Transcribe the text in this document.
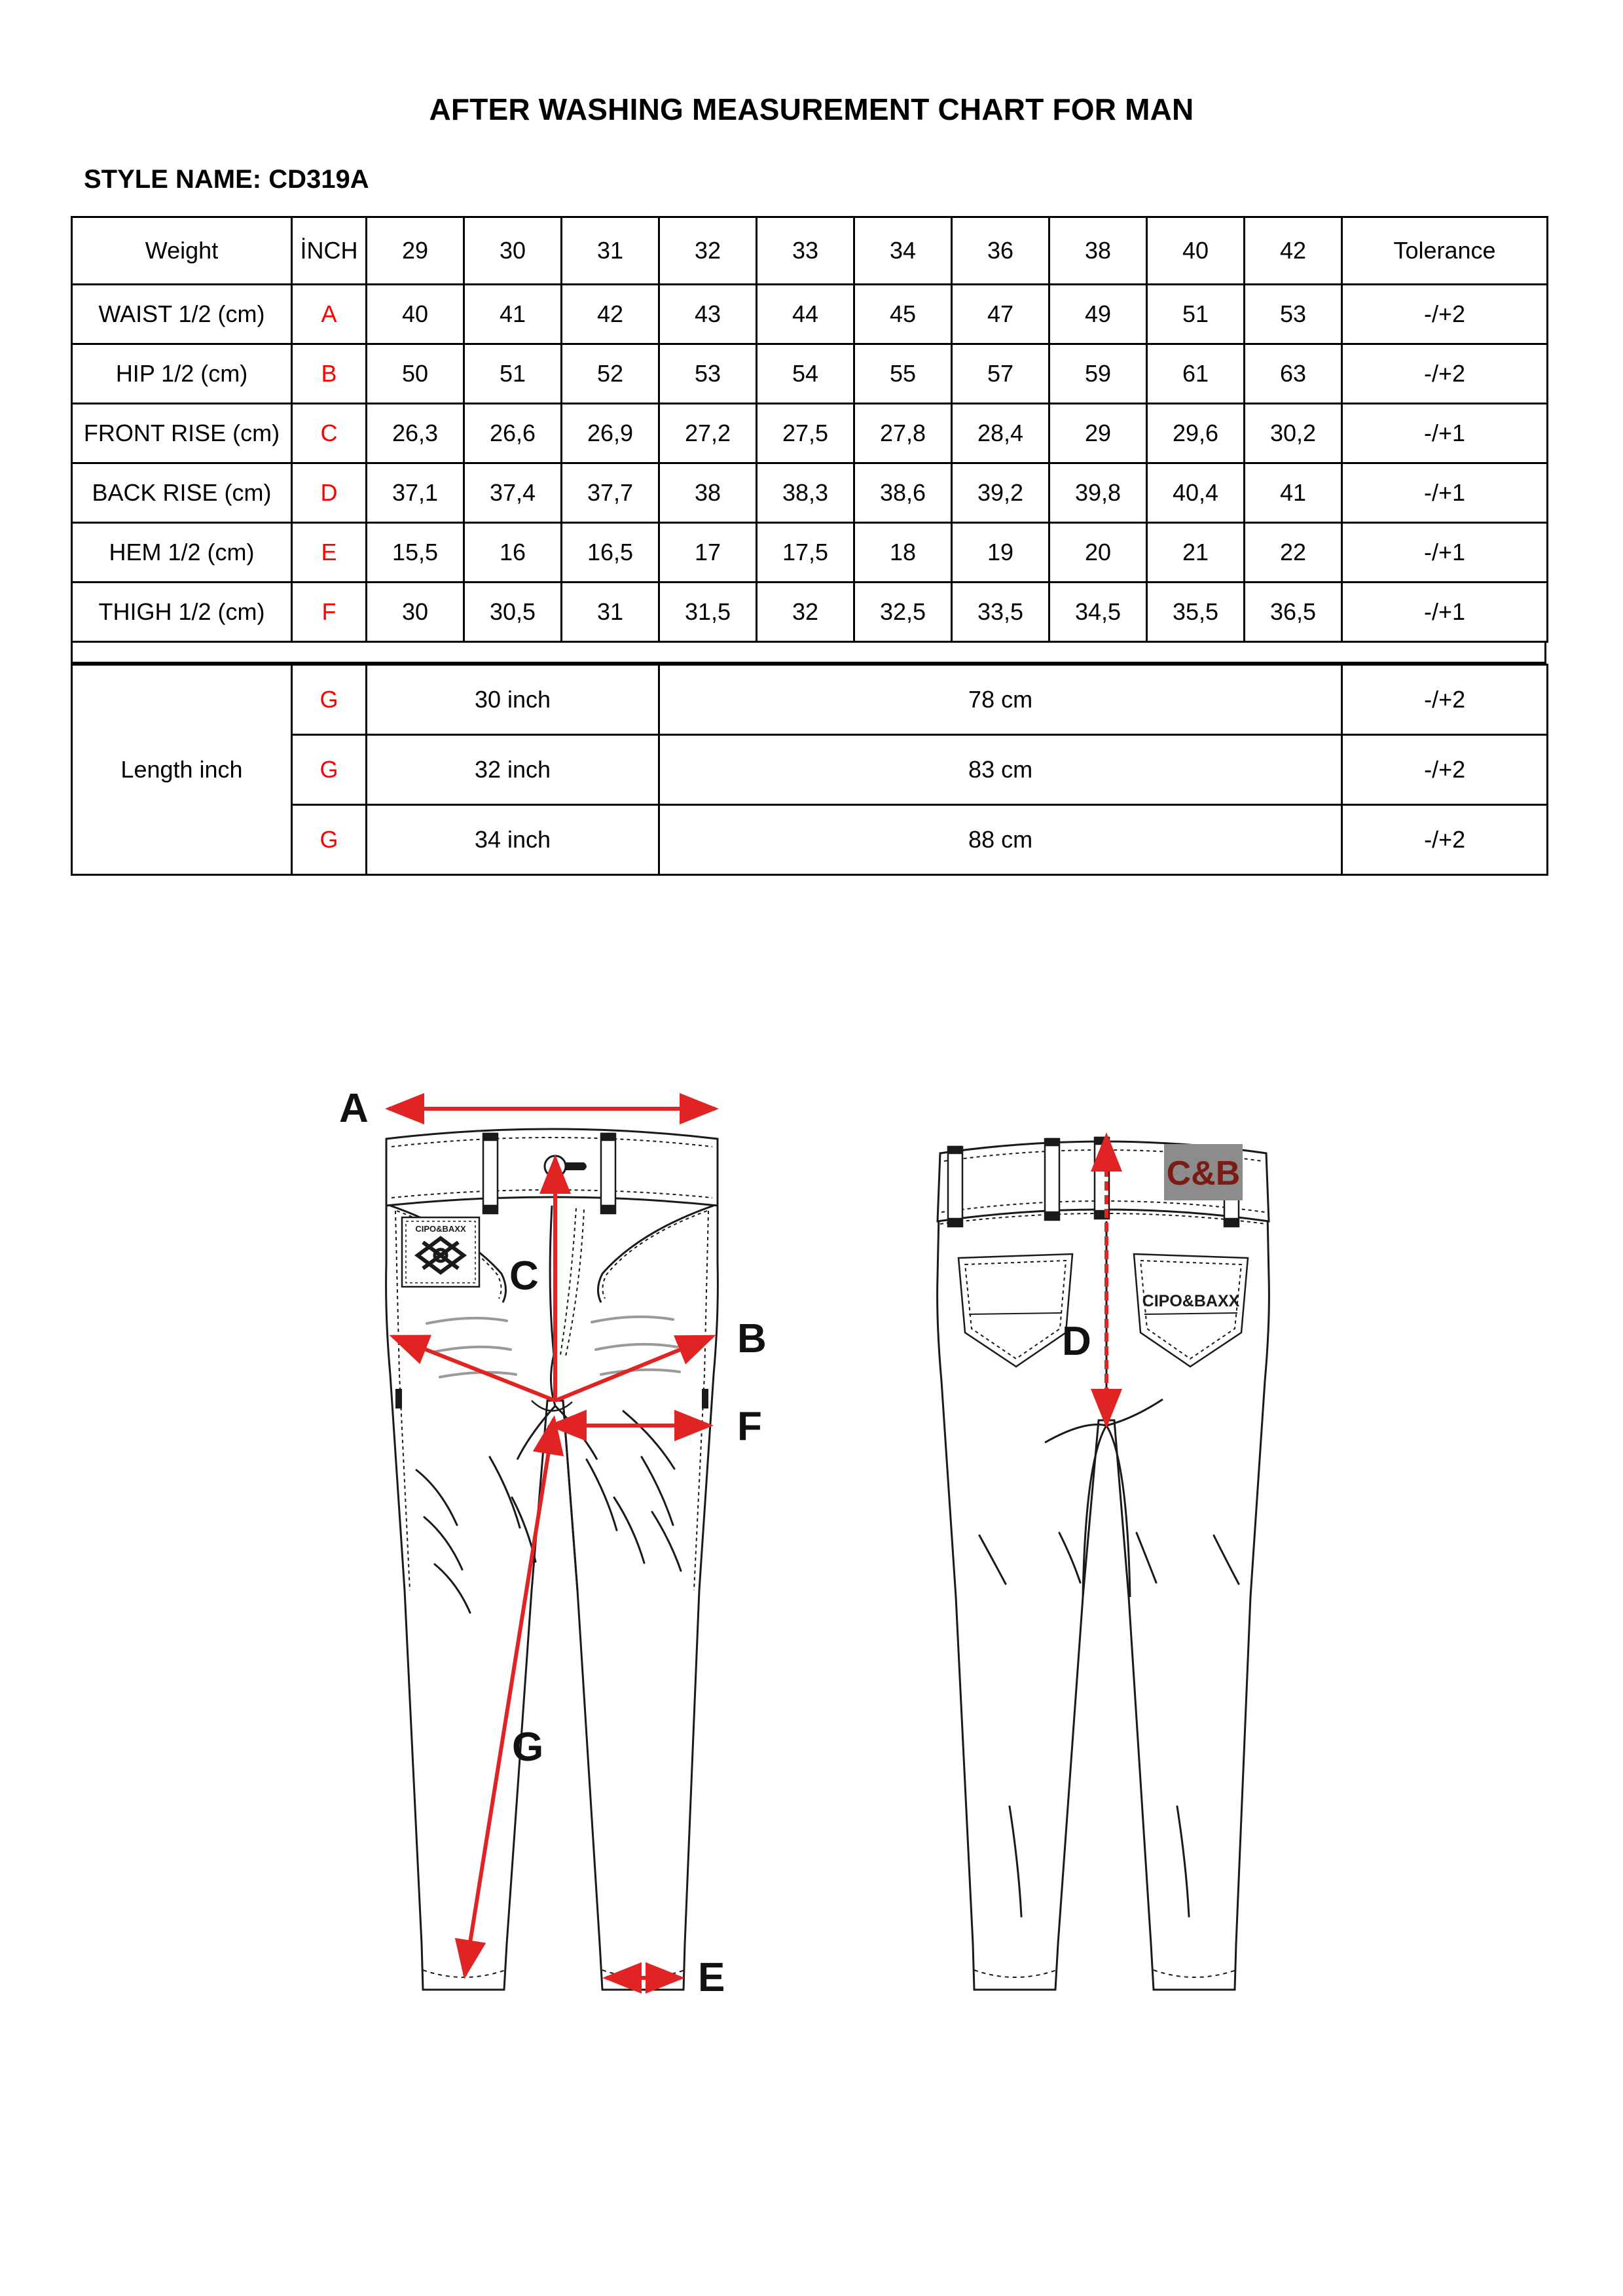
AFTER WASHING MEASUREMENT CHART FOR MAN
STYLE NAME: CD319A
Weight	İNCH	29	30	31	32	33	34	36	38	40	42	Tolerance
WAIST 1/2 (cm)	A	40	41	42	43	44	45	47	49	51	53	-/+2
HIP 1/2 (cm)	B	50	51	52	53	54	55	57	59	61	63	-/+2
FRONT RISE (cm)	C	26,3	26,6	26,9	27,2	27,5	27,8	28,4	29	29,6	30,2	-/+1
BACK RISE (cm)	D	37,1	37,4	37,7	38	38,3	38,6	39,2	39,8	40,4	41	-/+1
HEM 1/2 (cm)	E	15,5	16	16,5	17	17,5	18	19	20	21	22	-/+1
THIGH 1/2 (cm)	F	30	30,5	31	31,5	32	32,5	33,5	34,5	35,5	36,5	-/+1
Length inch	G	30 inch	78 cm	-/+2
	G	32 inch	83 cm	-/+2
	G	34 inch	88 cm	-/+2
CIPO&BAXX
A
C
B
F
G
E
C&B
CIPO&BAXX
D
